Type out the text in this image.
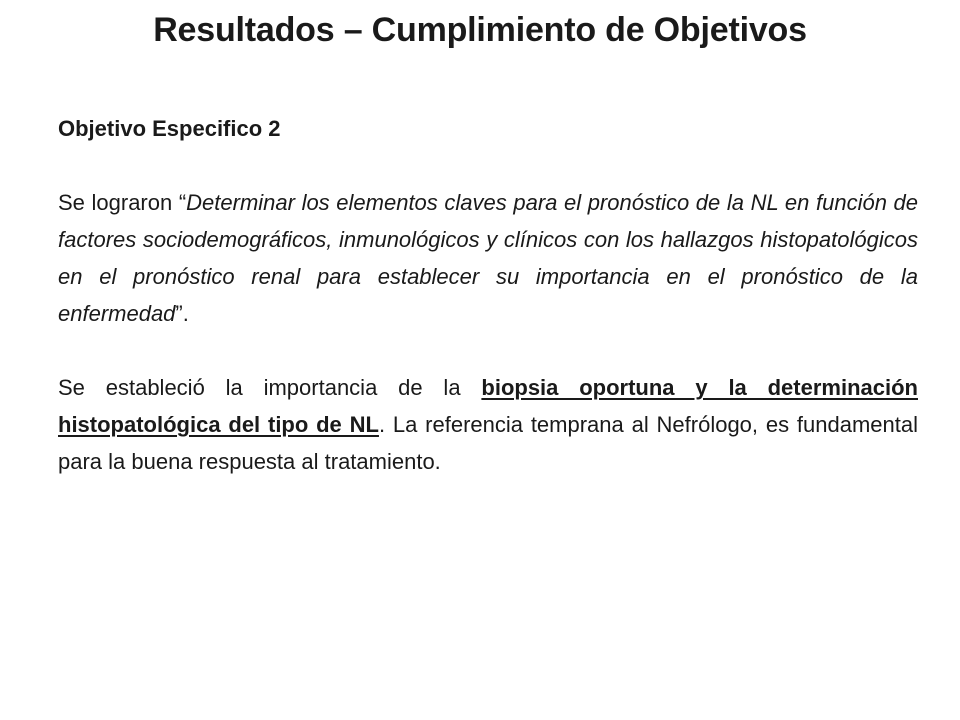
Resultados – Cumplimiento de Objetivos
Objetivo Especifico 2

Se lograron “Determinar los elementos claves para el pronóstico de la NL en función de factores sociodemográficos, inmunológicos y clínicos con los hallazgos histopatológicos en el pronóstico renal para establecer su importancia en el pronóstico de la enfermedad”.

Se estableció la importancia de la biopsia oportuna y la determinación histopatológica del tipo de NL. La referencia temprana al Nefrólogo, es fundamental para la buena respuesta al tratamiento.
